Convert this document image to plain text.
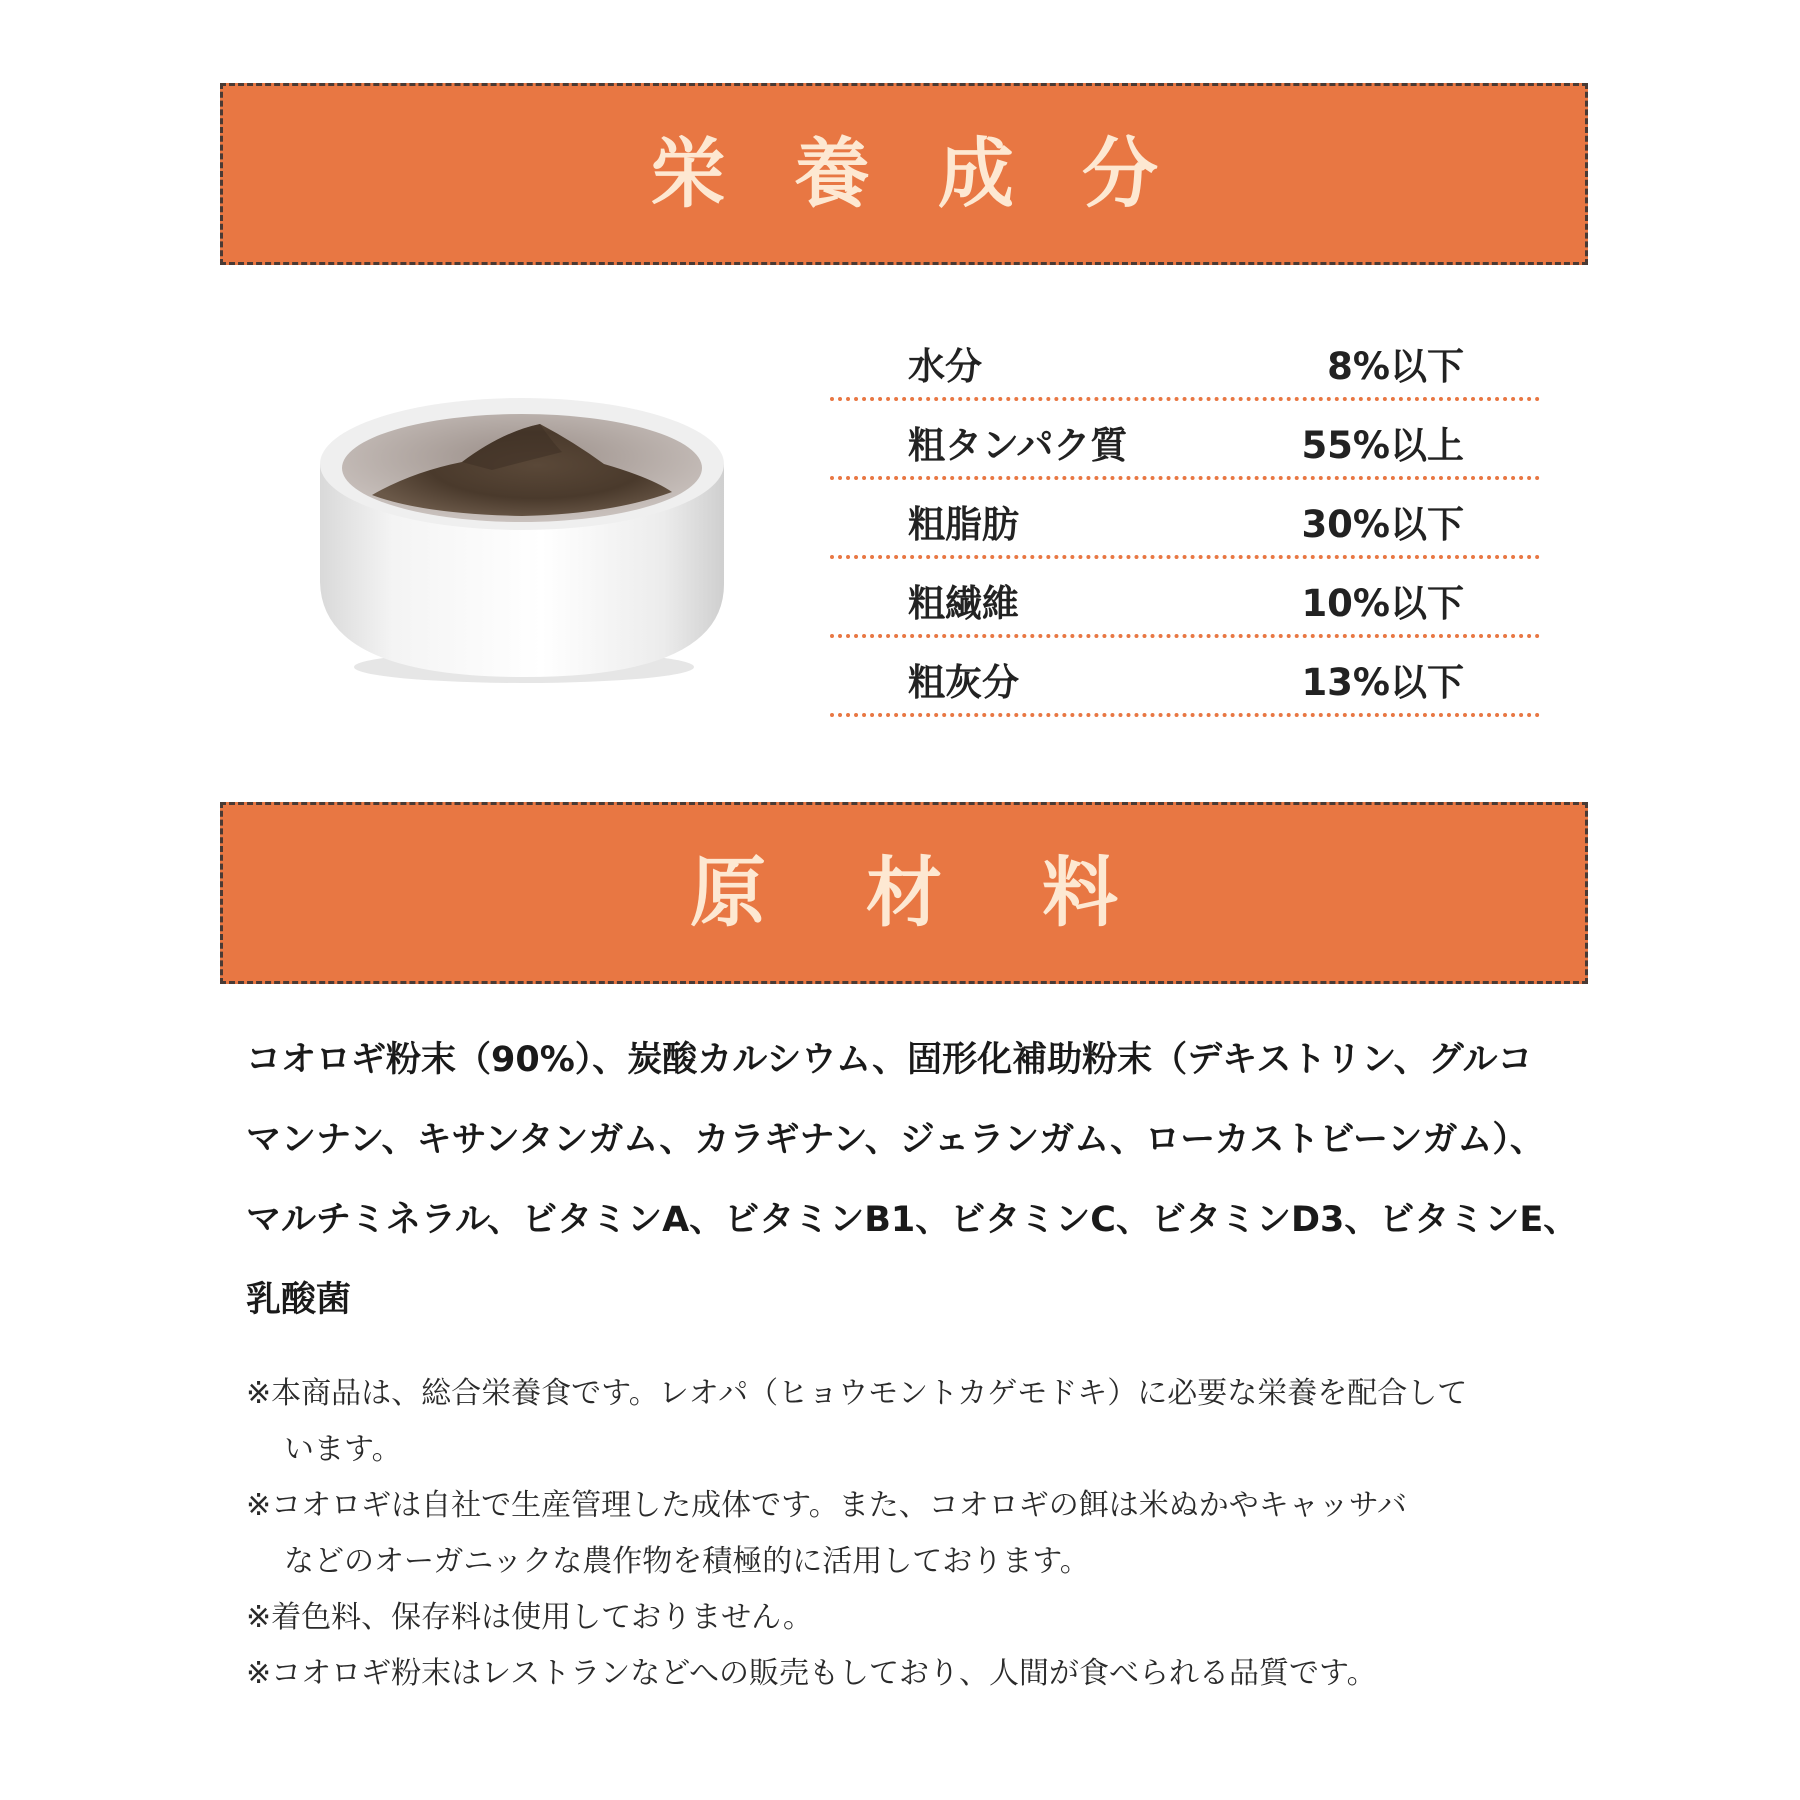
栄 養 成 分
水分	8%以下
粗タンパク質	55%以上
粗脂肪	30%以下
粗繊維	10%以下
粗灰分	13%以下
原 材 料
コオロギ粉末（90%）、炭酸カルシウム、固形化補助粉末（デキストリン、グルコ
マンナン、キサンタンガム、カラギナン、ジェランガム、ローカストビーンガム）、
マルチミネラル、ビタミンA、ビタミンB1、ビタミンC、ビタミンD3、ビタミンE、
乳酸菌
※本商品は、総合栄養食です。レオパ（ヒョウモントカゲモドキ）に必要な栄養を配合して
います。
※コオロギは自社で生産管理した成体です。また、コオロギの餌は米ぬかやキャッサバ
などのオーガニックな農作物を積極的に活用しております。
※着色料、保存料は使用しておりません。
※コオロギ粉末はレストランなどへの販売もしており、人間が食べられる品質です。
